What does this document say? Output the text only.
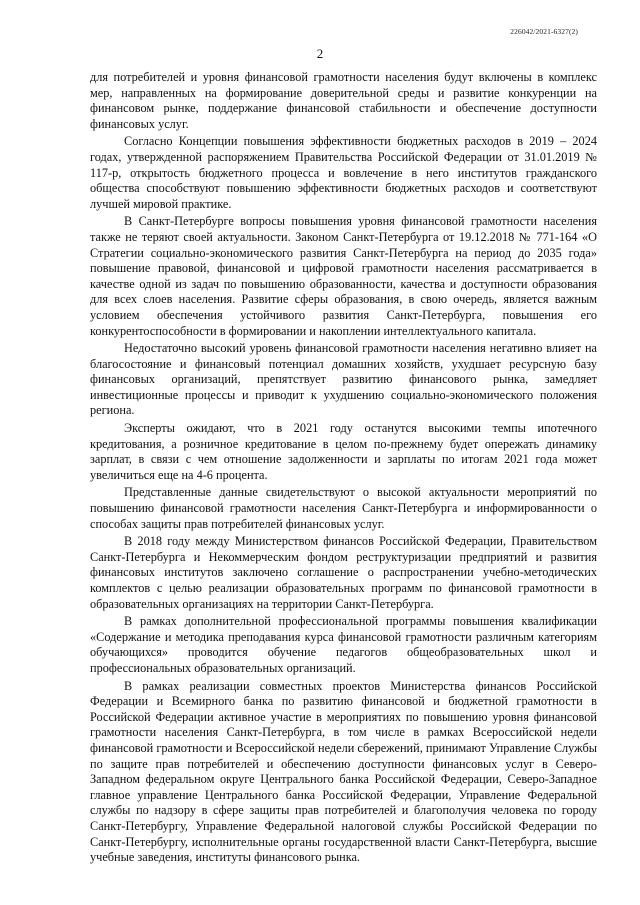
226042/2021-6327(2)
2

для потребителей и уровня финансовой грамотности населения будут включены в комплекс мер, направленных на формирование доверительной среды и развитие конкуренции на финансовом рынке, поддержание финансовой стабильности и обеспечение доступности финансовых услуг.

Согласно Концепции повышения эффективности бюджетных расходов в 2019 – 2024 годах, утвержденной распоряжением Правительства Российской Федерации от 31.01.2019 № 117-р, открытость бюджетного процесса и вовлечение в него институтов гражданского общества способствуют повышению эффективности бюджетных расходов и соответствуют лучшей мировой практике.

В Санкт-Петербурге вопросы повышения уровня финансовой грамотности населения также не теряют своей актуальности. Законом Санкт-Петербурга от 19.12.2018 № 771-164 «О Стратегии социально-экономического развития Санкт-Петербурга на период до 2035 года» повышение правовой, финансовой и цифровой грамотности населения рассматривается в качестве одной из задач по повышению образованности, качества и доступности образования для всех слоев населения. Развитие сферы образования, в свою очередь, является важным условием обеспечения устойчивого развития Санкт-Петербурга, повышения его конкурентоспособности в формировании и накоплении интеллектуального капитала.

Недостаточно высокий уровень финансовой грамотности населения негативно влияет на благосостояние и финансовый потенциал домашних хозяйств, ухудшает ресурсную базу финансовых организаций, препятствует развитию финансового рынка, замедляет инвестиционные процессы и приводит к ухудшению социально-экономического положения региона.

Эксперты ожидают, что в 2021 году останутся высокими темпы ипотечного кредитования, а розничное кредитование в целом по-прежнему будет опережать динамику зарплат, в связи с чем отношение задолженности и зарплаты по итогам 2021 года может увеличиться еще на 4-6 процента.

Представленные данные свидетельствуют о высокой актуальности мероприятий по повышению финансовой грамотности населения Санкт-Петербурга и информированности о способах защиты прав потребителей финансовых услуг.

В 2018 году между Министерством финансов Российской Федерации, Правительством Санкт-Петербурга и Некоммерческим фондом реструктуризации предприятий и развития финансовых институтов заключено соглашение о распространении учебно-методических комплектов с целью реализации образовательных программ по финансовой грамотности в образовательных организациях на территории Санкт-Петербурга.

В рамках дополнительной профессиональной программы повышения квалификации «Содержание и методика преподавания курса финансовой грамотности различным категориям обучающихся» проводится обучение педагогов общеобразовательных школ и профессиональных образовательных организаций.

В рамках реализации совместных проектов Министерства финансов Российской Федерации и Всемирного банка по развитию финансовой и бюджетной грамотности в Российской Федерации активное участие в мероприятиях по повышению уровня финансовой грамотности населения Санкт-Петербурга, в том числе в рамках Всероссийской недели финансовой грамотности и Всероссийской недели сбережений, принимают Управление Службы по защите прав потребителей и обеспечению доступности финансовых услуг в Северо-Западном федеральном округе Центрального банка Российской Федерации, Северо-Западное главное управление Центрального банка Российской Федерации, Управление Федеральной службы по надзору в сфере защиты прав потребителей и благополучия человека по городу Санкт-Петербургу, Управление Федеральной налоговой службы Российской Федерации по Санкт-Петербургу, исполнительные органы государственной власти Санкт-Петербурга, высшие учебные заведения, институты финансового рынка.
